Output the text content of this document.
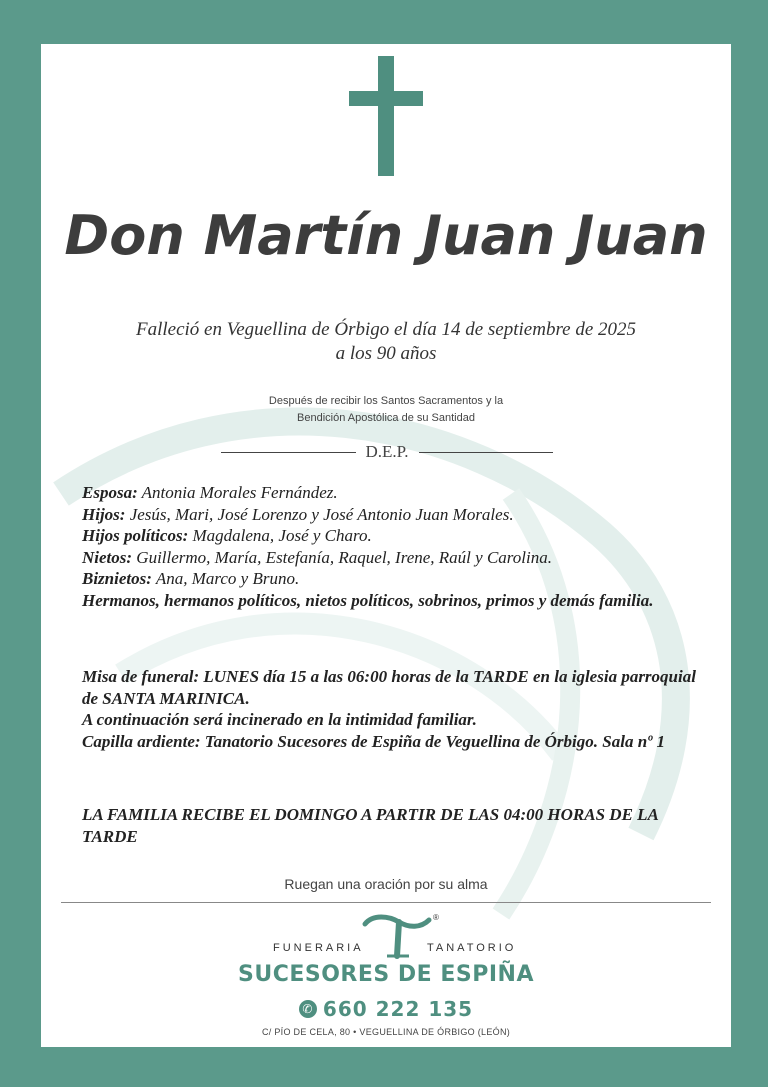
Don Martín Juan Juan
Falleció en Veguellina de Órbigo el día 14 de septiembre de 2025
a los 90 años
Después de recibir los Santos Sacramentos y la
Bendición Apostólica de su Santidad
D.E.P.
Esposa: Antonia Morales Fernández.
Hijos: Jesús, Mari, José Lorenzo y José Antonio Juan Morales.
Hijos políticos: Magdalena, José y Charo.
Nietos: Guillermo, María, Estefanía, Raquel, Irene, Raúl y Carolina.
Biznietos: Ana, Marco y Bruno.
Hermanos, hermanos políticos, nietos políticos, sobrinos, primos y demás familia.
Misa de funeral: LUNES día 15 a las 06:00 horas de la TARDE en la iglesia parroquial de SANTA MARINICA.
A continuación será incinerado en la intimidad familiar.
Capilla ardiente: Tanatorio Sucesores de Espiña de Veguellina de Órbigo. Sala nº 1
LA FAMILIA RECIBE EL DOMINGO A PARTIR DE LAS 04:00 HORAS DE LA TARDE
Ruegan una oración por su alma
®
FUNERARIA	TANATORIO
SUCESORES DE ESPIÑA
✆ 660 222 135
C/ PÍO DE CELA, 80 • VEGUELLINA DE ÓRBIGO (LEÓN)
